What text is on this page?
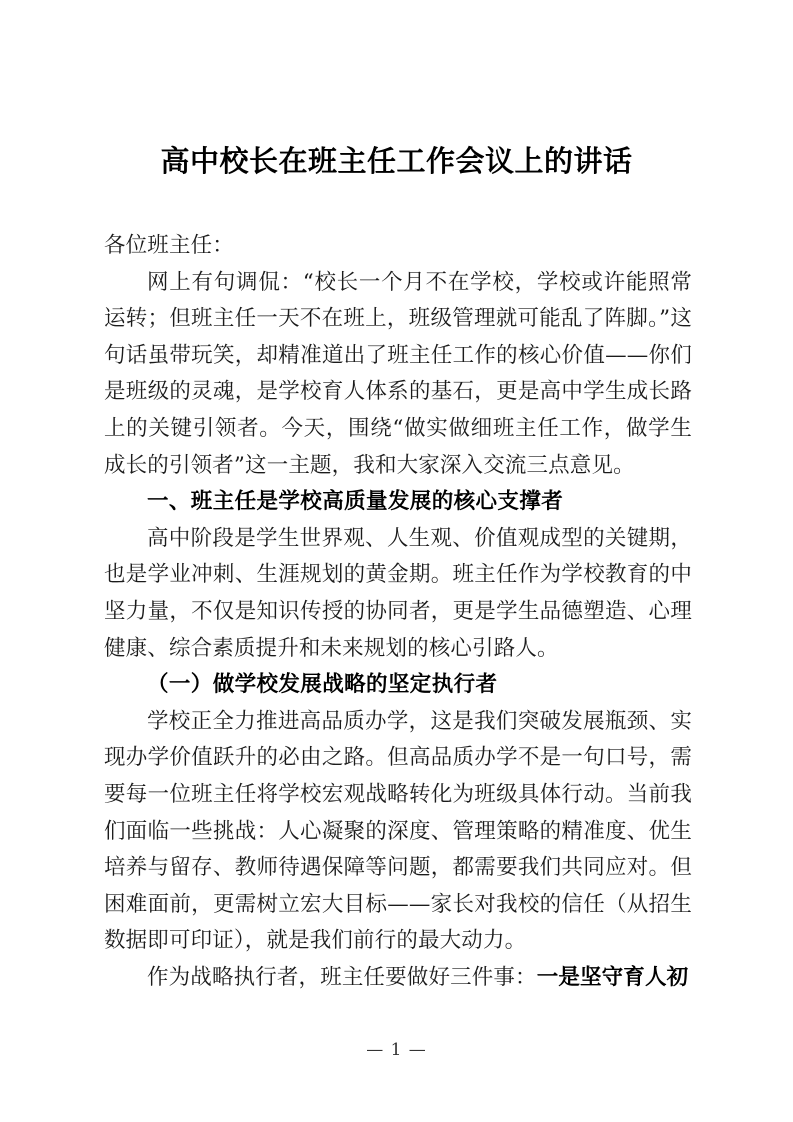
高中校长在班主任工作会议上的讲话

各位班主任：

网上有句调侃：“校长一个月不在学校，学校或许能照常运转；但班主任一天不在班上，班级管理就可能乱了阵脚。”这句话虽带玩笑，却精准道出了班主任工作的核心价值——你们是班级的灵魂，是学校育人体系的基石，更是高中学生成长路上的关键引领者。今天，围绕“做实做细班主任工作，做学生成长的引领者”这一主题，我和大家深入交流三点意见。

一、班主任是学校高质量发展的核心支撑者

高中阶段是学生世界观、人生观、价值观成型的关键期，也是学业冲刺、生涯规划的黄金期。班主任作为学校教育的中坚力量，不仅是知识传授的协同者，更是学生品德塑造、心理健康、综合素质提升和未来规划的核心引路人。

（一）做学校发展战略的坚定执行者

学校正全力推进高品质办学，这是我们突破发展瓶颈、实现办学价值跃升的必由之路。但高品质办学不是一句口号，需要每一位班主任将学校宏观战略转化为班级具体行动。当前我们面临一些挑战：人心凝聚的深度、管理策略的精准度、优生培养与留存、教师待遇保障等问题，都需要我们共同应对。但困难面前，更需树立宏大目标——家长对我校的信任（从招生数据即可印证），就是我们前行的最大动力。

作为战略执行者，班主任要做好三件事：一是坚守育人初

— 1 —
